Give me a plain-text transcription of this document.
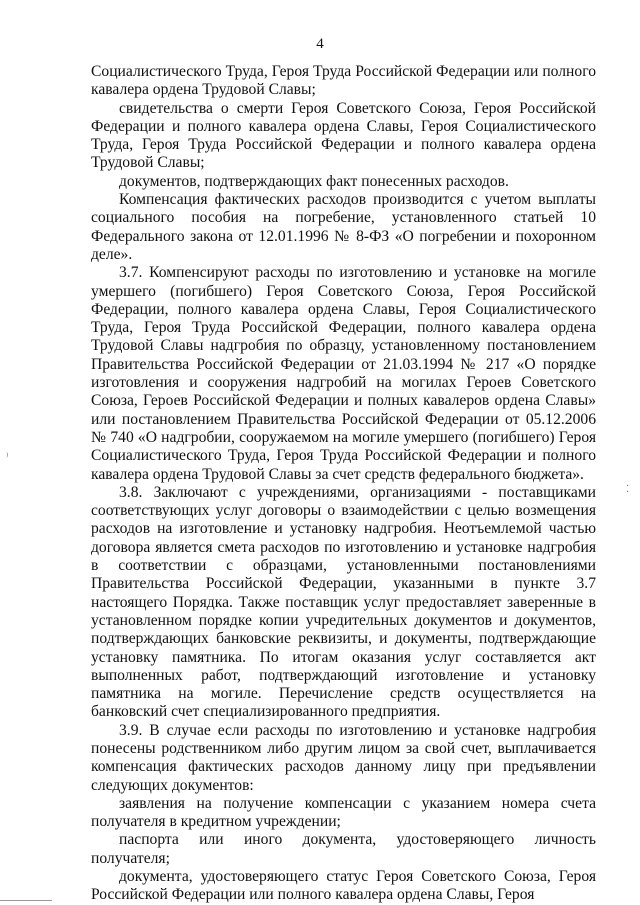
4

Социалистического Труда, Героя Труда Российской Федерации или полного кавалера ордена Трудовой Славы;

свидетельства о смерти Героя Советского Союза, Героя Российской Федерации и полного кавалера ордена Славы, Героя Социалистического Труда, Героя Труда Российской Федерации и полного кавалера ордена Трудовой Славы;

документов, подтверждающих факт понесенных расходов.

Компенсация фактических расходов производится с учетом выплаты социального пособия на погребение, установленного статьей 10 Федерального закона от 12.01.1996 № 8-ФЗ «О погребении и похоронном деле».

3.7. Компенсируют расходы по изготовлению и установке на могиле умершего (погибшего) Героя Советского Союза, Героя Российской Федерации, полного кавалера ордена Славы, Героя Социалистического Труда, Героя Труда Российской Федерации, полного кавалера ордена Трудовой Славы надгробия по образцу, установленному постановлением Правительства Российской Федерации от 21.03.1994 № 217 «О порядке изготовления и сооружения надгробий на могилах Героев Советского Союза, Героев Российской Федерации и полных кавалеров ордена Славы» или постановлением Правительства Российской Федерации от 05.12.2006 № 740 «О надгробии, сооружаемом на могиле умершего (погибшего) Героя Социалистического Труда, Героя Труда Российской Федерации и полного кавалера ордена Трудовой Славы за счет средств федерального бюджета».

3.8. Заключают с учреждениями, организациями - поставщиками соответствующих услуг договоры о взаимодействии с целью возмещения расходов на изготовление и установку надгробия. Неотъемлемой частью договора является смета расходов по изготовлению и установке надгробия в соответствии с образцами, установленными постановлениями Правительства Российской Федерации, указанными в пункте 3.7 настоящего Порядка. Также поставщик услуг предоставляет заверенные в установленном порядке копии учредительных документов и документов, подтверждающих банковские реквизиты, и документы, подтверждающие установку памятника. По итогам оказания услуг составляется акт выполненных работ, подтверждающий изготовление и установку памятника на могиле. Перечисление средств осуществляется на банковский счет специализированного предприятия.

3.9. В случае если расходы по изготовлению и установке надгробия понесены родственником либо другим лицом за свой счет, выплачивается компенсация фактических расходов данному лицу при предъявлении следующих документов:

заявления на получение компенсации с указанием номера счета получателя в кредитном учреждении;

паспорта или иного документа, удостоверяющего личность получателя;

документа, удостоверяющего статус Героя Советского Союза, Героя Российской Федерации или полного кавалера ордена Славы, Героя

⁾
⁚
